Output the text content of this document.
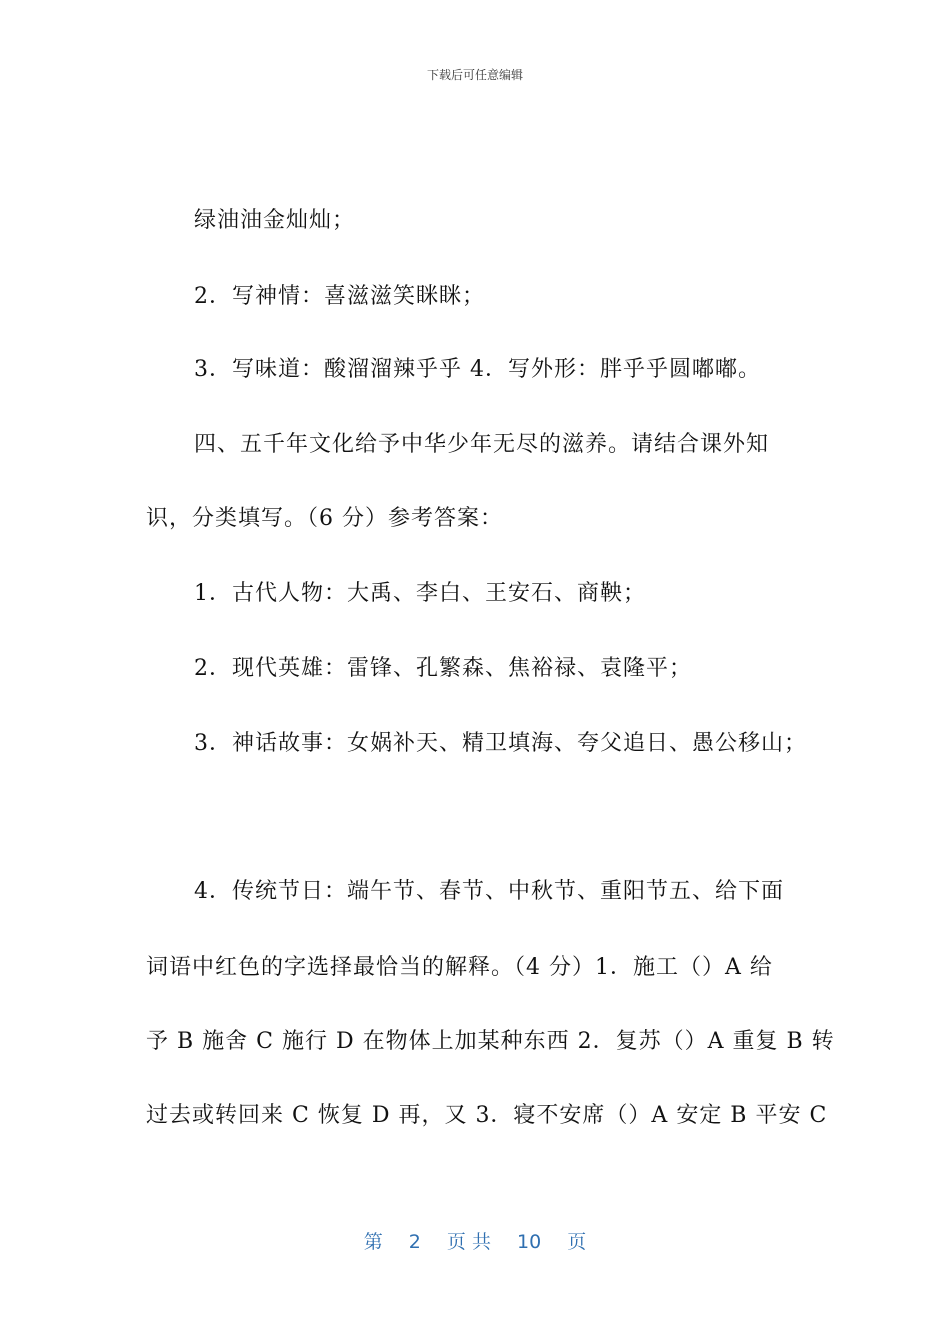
下载后可任意编辑
绿油油金灿灿；
2．写神情：喜滋滋笑眯眯；
3．写味道：酸溜溜辣乎乎 4．写外形：胖乎乎圆嘟嘟。
四、五千年文化给予中华少年无尽的滋养。请结合课外知
识，分类填写。（6 分）参考答案：
1．古代人物：大禹、李白、王安石、商鞅；
2．现代英雄：雷锋、孔繁森、焦裕禄、袁隆平；
3．神话故事：女娲补天、精卫填海、夸父追日、愚公移山；
4．传统节日：端午节、春节、中秋节、重阳节五、给下面
词语中红色的字选择最恰当的解释。（4 分）1．施工（）A 给
予 B 施舍 C 施行 D 在物体上加某种东西 2．复苏（）A 重复 B 转
过去或转回来 C 恢复 D 再，又 3．寝不安席（）A 安定 B 平安 C
第 2 页 共 10 页
